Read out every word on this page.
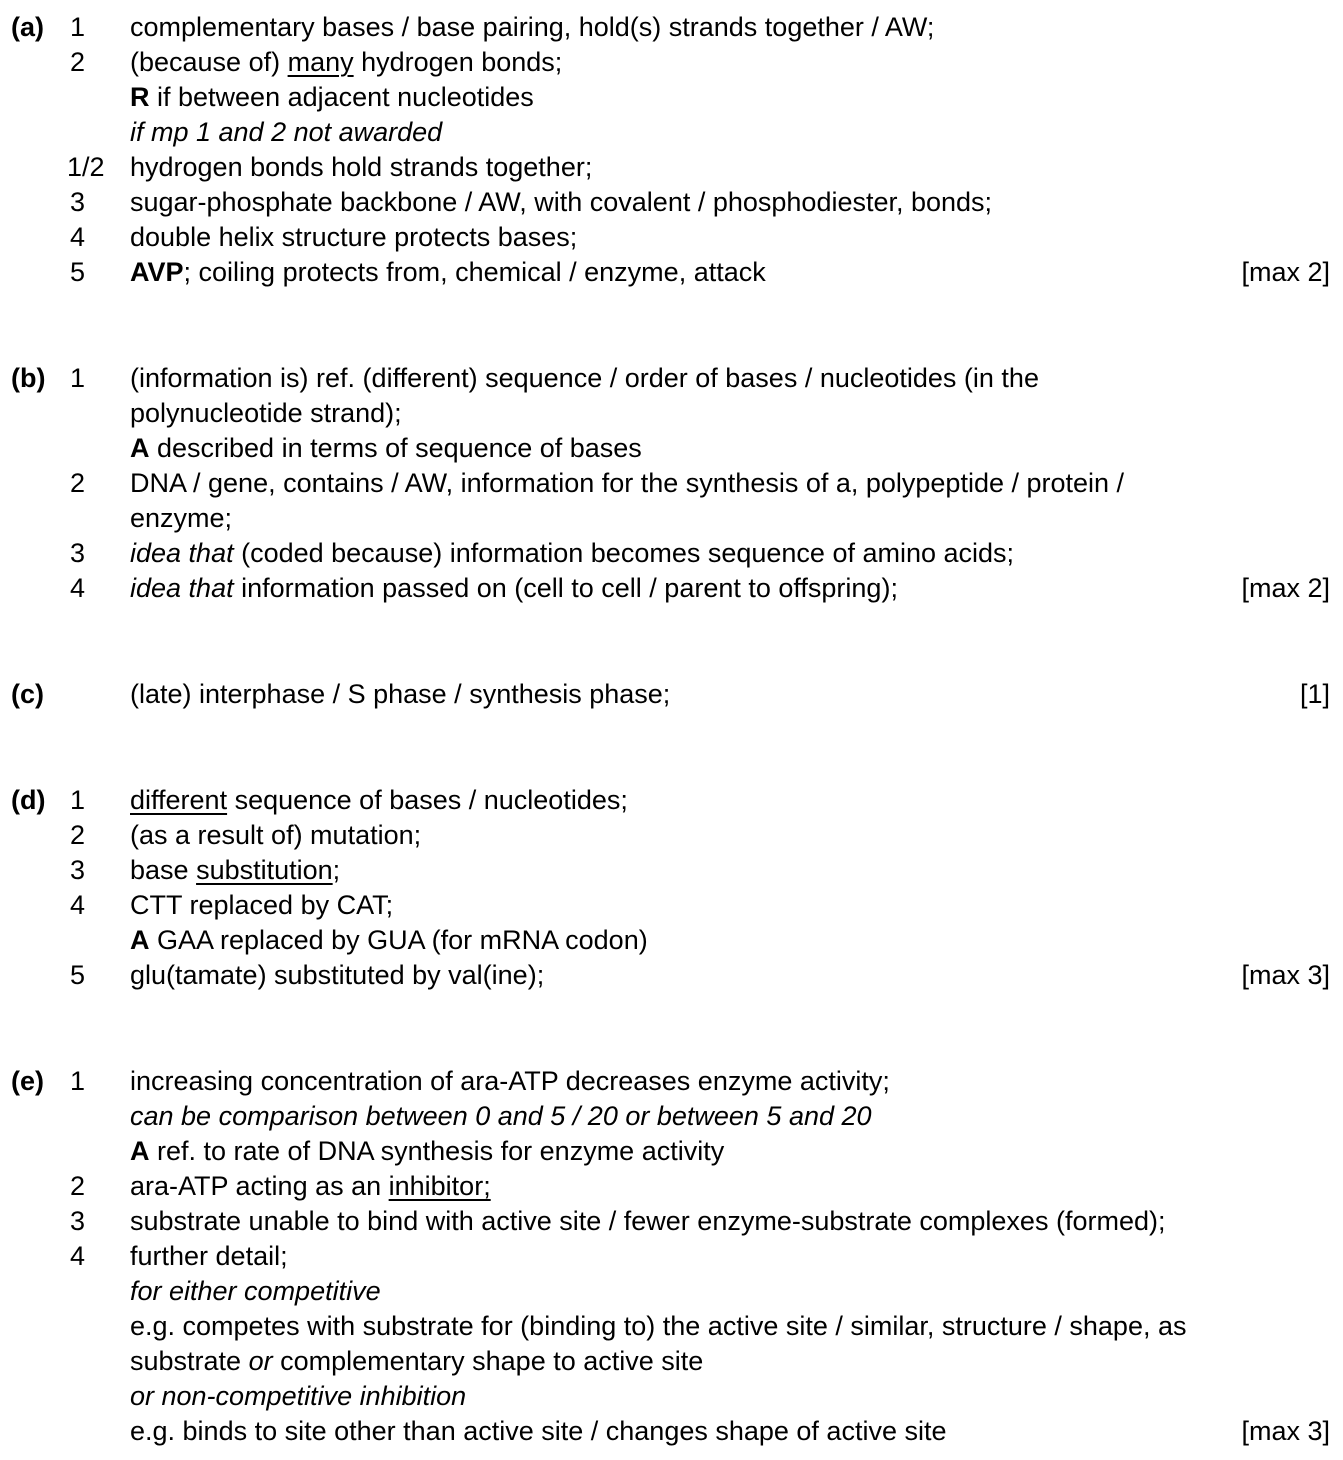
(a) 1 complementary bases / base pairing, hold(s) strands together / AW;
2 (because of) many hydrogen bonds;
R if between adjacent nucleotides
if mp 1 and 2 not awarded
1/2 hydrogen bonds hold strands together;
3 sugar-phosphate backbone / AW, with covalent / phosphodiester, bonds;
4 double helix structure protects bases;
5 AVP; coiling protects from, chemical / enzyme, attack	[max 2]
(b) 1 (information is) ref. (different) sequence / order of bases / nucleotides (in the
polynucleotide strand);
A described in terms of sequence of bases
2 DNA / gene, contains / AW, information for the synthesis of a, polypeptide / protein /
enzyme;
3 idea that (coded because) information becomes sequence of amino acids;
4 idea that information passed on (cell to cell / parent to offspring);	[max 2]
(c)	(late) interphase / S phase / synthesis phase;	[1]
(d) 1 different sequence of bases / nucleotides;
2 (as a result of) mutation;
3 base substitution;
4 CTT replaced by CAT;
A GAA replaced by GUA (for mRNA codon)
5 glu(tamate) substituted by val(ine);	[max 3]
(e) 1 increasing concentration of ara-ATP decreases enzyme activity;
can be comparison between 0 and 5 / 20 or between 5 and 20
A ref. to rate of DNA synthesis for enzyme activity
2 ara-ATP acting as an inhibitor;
3 substrate unable to bind with active site / fewer enzyme-substrate complexes (formed);
4 further detail;
for either competitive
e.g. competes with substrate for (binding to) the active site / similar, structure / shape, as
substrate or complementary shape to active site
or non-competitive inhibition
e.g. binds to site other than active site / changes shape of active site	[max 3]
